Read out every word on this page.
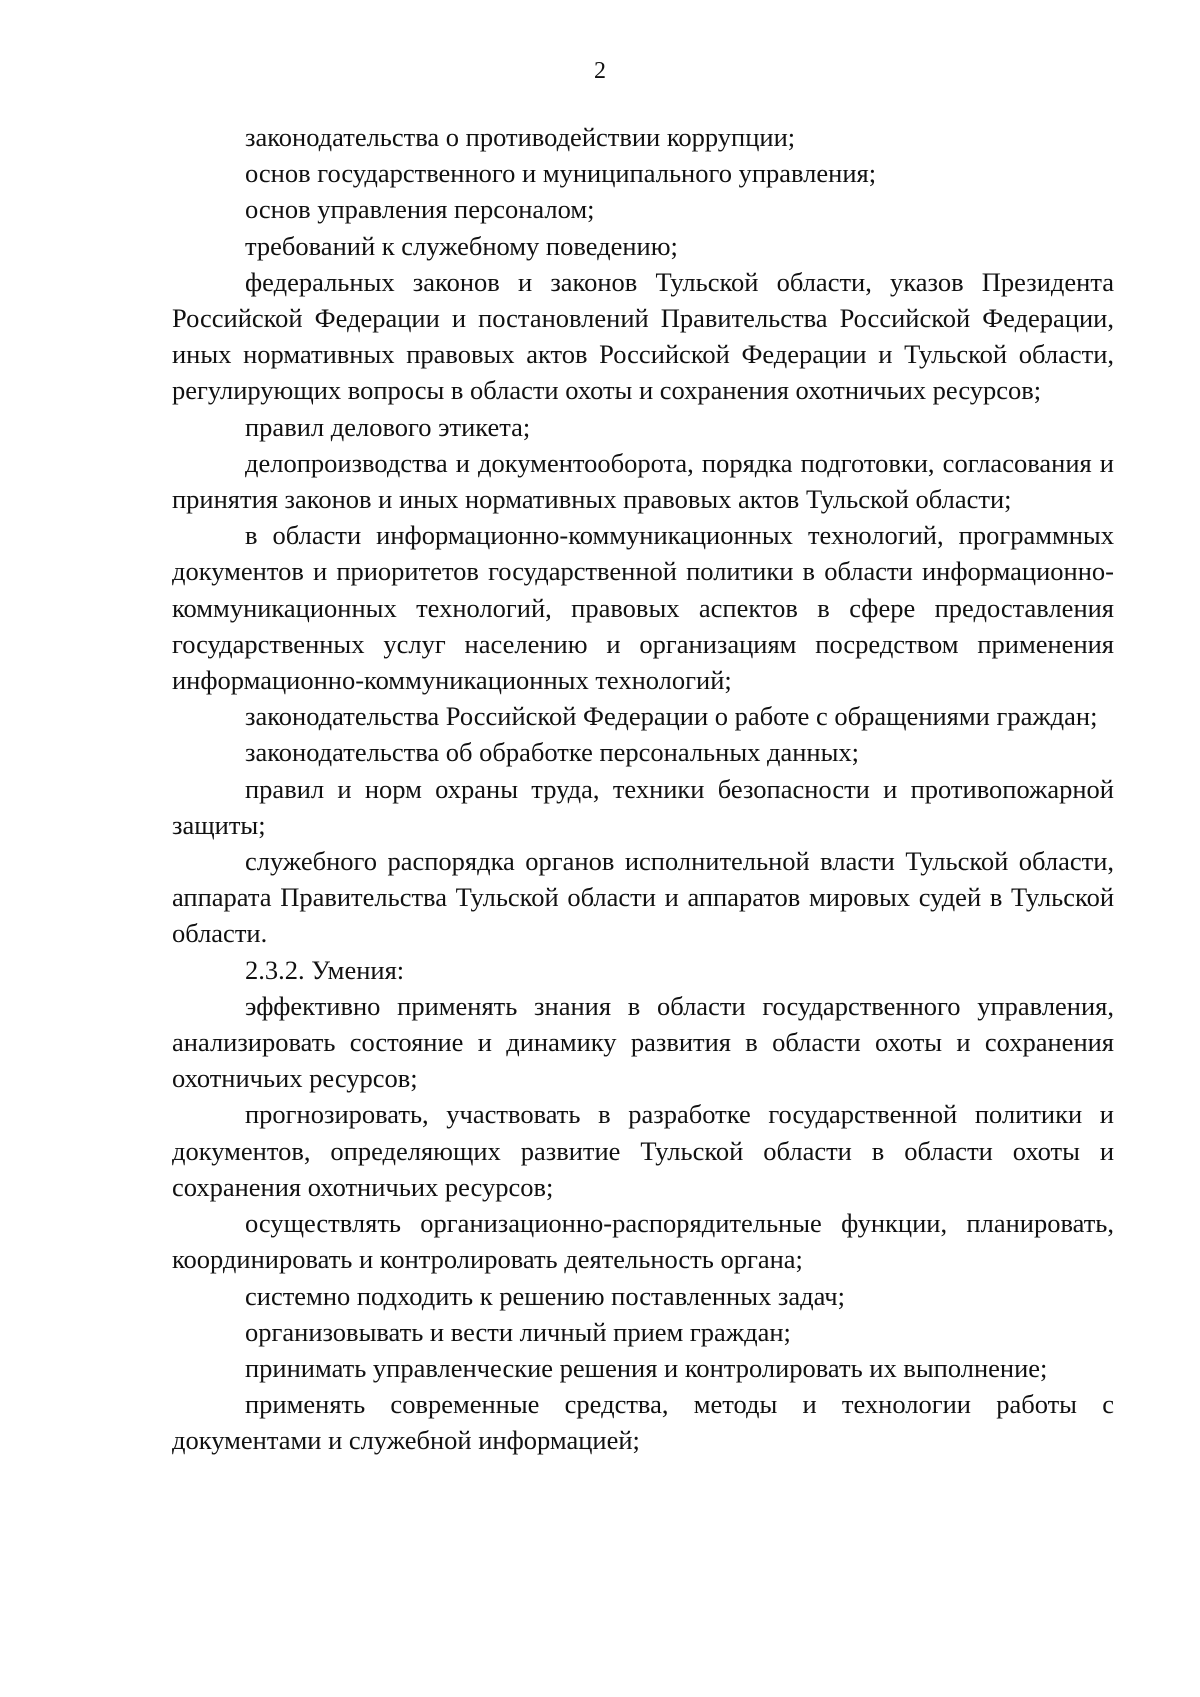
2

законодательства о противодействии коррупции;

основ государственного и муниципального управления;

основ управления персоналом;

требований к служебному поведению;

федеральных законов и законов Тульской области, указов Президента Российской Федерации и постановлений Правительства Российской Федерации, иных нормативных правовых актов Российской Федерации и Тульской области, регулирующих вопросы в области охоты и сохранения охотничьих ресурсов;

правил делового этикета;

делопроизводства и документооборота, порядка подготовки, согласования и принятия законов и иных нормативных правовых актов Тульской области;

в области информационно-коммуникационных технологий, программных документов и приоритетов государственной политики в области информационно-коммуникационных технологий, правовых аспектов в сфере предоставления государственных услуг населению и организациям посредством применения информационно-коммуникационных технологий;

законодательства Российской Федерации о работе с обращениями граждан;

законодательства об обработке персональных данных;

правил и норм охраны труда, техники безопасности и противопожарной защиты;

служебного распорядка органов исполнительной власти Тульской области, аппарата Правительства Тульской области и аппаратов мировых судей в Тульской области.

2.3.2. Умения:

эффективно применять знания в области государственного управления, анализировать состояние и динамику развития в области охоты и сохранения охотничьих ресурсов;

прогнозировать, участвовать в разработке государственной политики и документов, определяющих развитие Тульской области в области охоты и сохранения охотничьих ресурсов;

осуществлять организационно-распорядительные функции, планировать, координировать и контролировать деятельность органа;

системно подходить к решению поставленных задач;

организовывать и вести личный прием граждан;

принимать управленческие решения и контролировать их выполнение;

применять современные средства, методы и технологии работы с документами и служебной информацией;
